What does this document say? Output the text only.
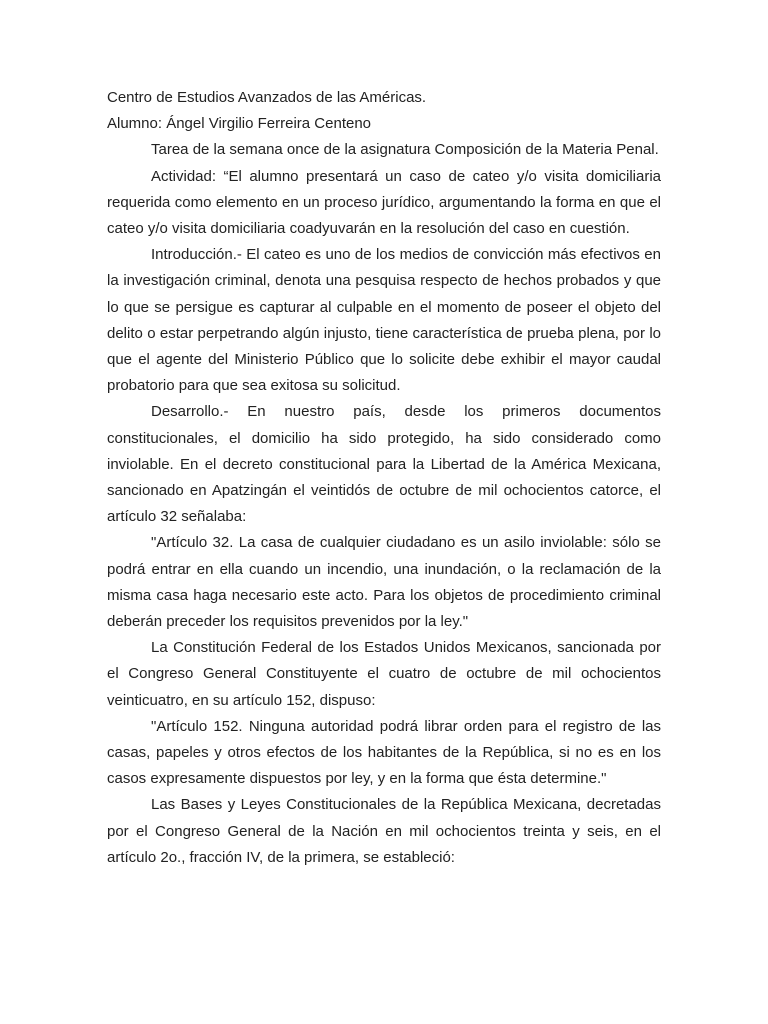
Centro de Estudios Avanzados de las Américas.

Alumno: Ángel Virgilio Ferreira Centeno

Tarea de la semana once de la asignatura Composición de la Materia Penal.

Actividad: “El alumno presentará un caso de cateo y/o visita domiciliaria requerida como elemento en un proceso jurídico, argumentando la forma en que el cateo y/o visita domiciliaria coadyuvarán en la resolución del caso en cuestión.

Introducción.- El cateo es uno de los medios de convicción más efectivos en la investigación criminal, denota una pesquisa respecto de hechos probados y que lo que se persigue es capturar al culpable en el momento de poseer el objeto del delito o estar perpetrando algún injusto, tiene característica de prueba plena, por lo que el agente del Ministerio Público que lo solicite debe exhibir el mayor caudal probatorio para que sea exitosa su solicitud.

Desarrollo.- En nuestro país, desde los primeros documentos constitucionales, el domicilio ha sido protegido, ha sido considerado como inviolable. En el decreto constitucional para la Libertad de la América Mexicana, sancionado en Apatzingán el veintidós de octubre de mil ochocientos catorce, el artículo 32 señalaba:

"Artículo 32. La casa de cualquier ciudadano es un asilo inviolable: sólo se podrá entrar en ella cuando un incendio, una inundación, o la reclamación de la misma casa haga necesario este acto. Para los objetos de procedimiento criminal deberán preceder los requisitos prevenidos por la ley."

La Constitución Federal de los Estados Unidos Mexicanos, sancionada por el Congreso General Constituyente el cuatro de octubre de mil ochocientos veinticuatro, en su artículo 152, dispuso:

"Artículo 152. Ninguna autoridad podrá librar orden para el registro de las casas, papeles y otros efectos de los habitantes de la República, si no es en los casos expresamente dispuestos por ley, y en la forma que ésta determine."

Las Bases y Leyes Constitucionales de la República Mexicana, decretadas por el Congreso General de la Nación en mil ochocientos treinta y seis, en el artículo 2o., fracción IV, de la primera, se estableció:
